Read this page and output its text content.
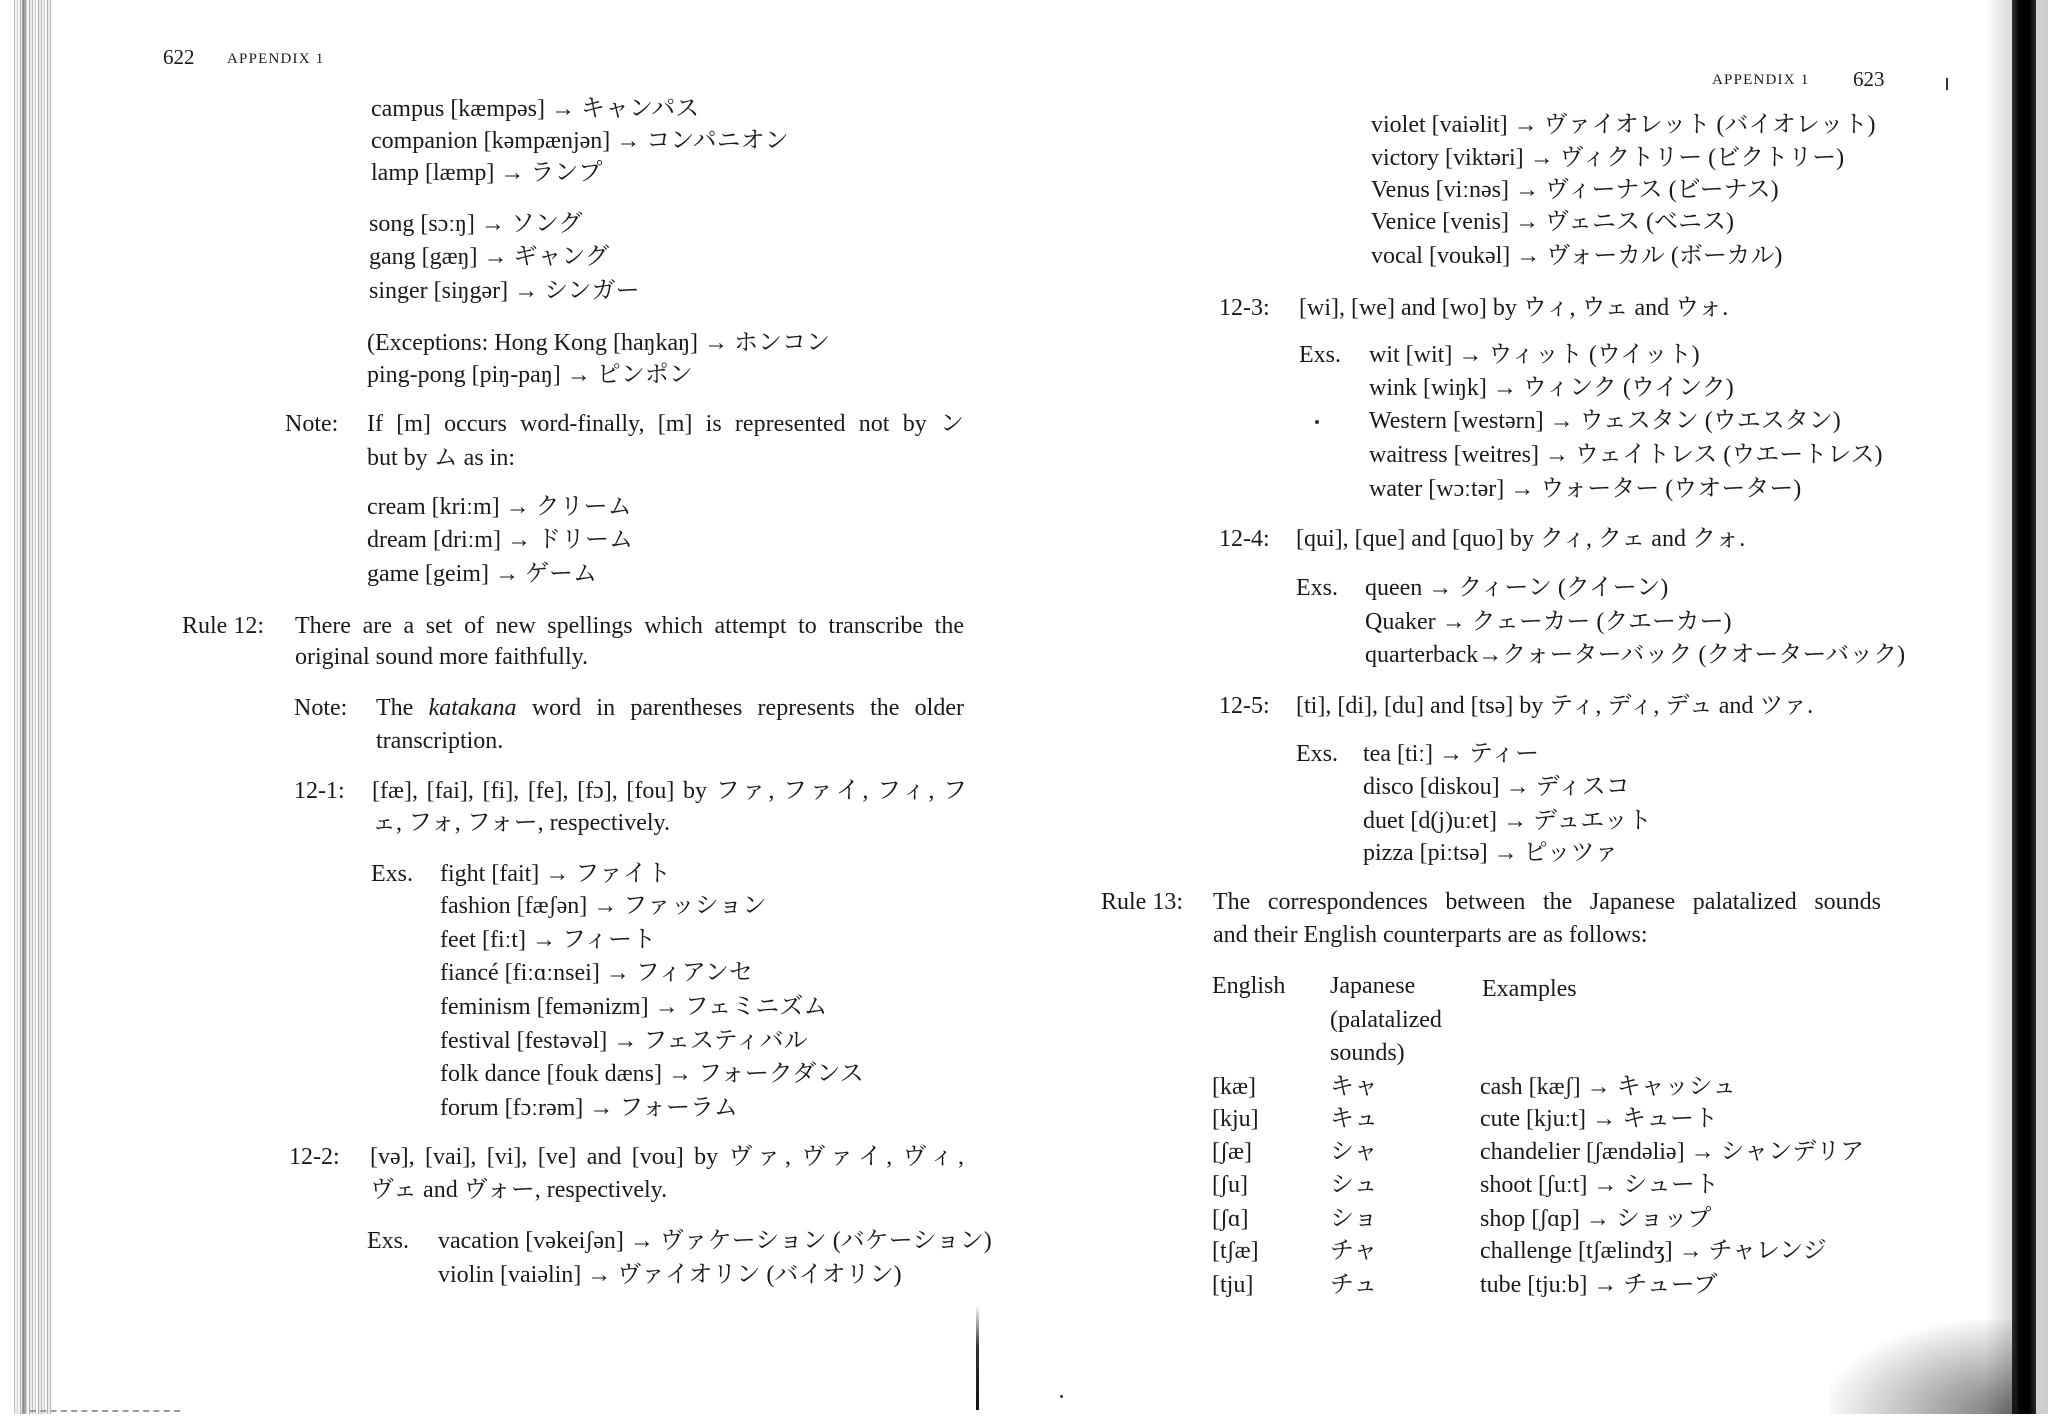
622 APPENDIX 1
campus [kæmpəs] → キャンパス
companion [kəmpænjən] → コンパニオン
lamp [læmp] → ランプ
song [sɔːŋ] → ソング
gang [gæŋ] → ギャング
singer [siŋgər] → シンガー
(Exceptions: Hong Kong [haŋkaŋ] → ホンコン
ping-pong [piŋ-paŋ] → ピンポン
Note: If [m] occurs word-finally, [m] is represented not by ン
but by ム as in:
cream [kriːm] → クリーム
dream [driːm] → ドリーム
game [geim] → ゲーム
Rule 12: There are a set of new spellings which attempt to transcribe the
original sound more faithfully.
Note: The katakana word in parentheses represents the older
transcription.
12-1: [fæ], [fai], [fi], [fe], [fɔ], [fou] by ファ, ファイ, フィ, フ
ェ, フォ, フォー, respectively.
Exs. fight [fait] → ファイト
fashion [fæʃən] → ファッション
feet [fiːt] → フィート
fiancé [fiːɑːnsei] → フィアンセ
feminism [femənizm] → フェミニズム
festival [festəvəl] → フェスティバル
folk dance [fouk dæns] → フォークダンス
forum [fɔːrəm] → フォーラム
12-2: [və], [vai], [vi], [ve] and [vou] by ヴァ, ヴァイ, ヴィ,
ヴェ and ヴォー, respectively.
Exs. vacation [vəkeiʃən] → ヴァケーション (バケーション)
violin [vaiəlin] → ヴァイオリン (バイオリン)
APPENDIX 1 623
violet [vaiəlit] → ヴァイオレット (バイオレット)
victory [viktəri] → ヴィクトリー (ビクトリー)
Venus [viːnəs] → ヴィーナス (ビーナス)
Venice [venis] → ヴェニス (ベニス)
vocal [voukəl] → ヴォーカル (ボーカル)
12-3: [wi], [we] and [wo] by ウィ, ウェ and ウォ.
Exs. wit [wit] → ウィット (ウイット)
wink [wiŋk] → ウィンク (ウインク)
Western [westərn] → ウェスタン (ウエスタン)
waitress [weitres] → ウェイトレス (ウエートレス)
water [wɔːtər] → ウォーター (ウオーター)
12-4: [qui], [que] and [quo] by クィ, クェ and クォ.
Exs. queen → クィーン (クイーン)
Quaker → クェーカー (クエーカー)
quarterback→クォーターバック (クオーターバック)
12-5: [ti], [di], [du] and [tsə] by ティ, ディ, デュ and ツァ.
Exs. tea [tiː] → ティー
disco [diskou] → ディスコ
duet [d(j)uːet] → デュエット
pizza [piːtsə] → ピッツァ
Rule 13: The correspondences between the Japanese palatalized sounds
and their English counterparts are as follows:
English Japanese
(palatalized
sounds)
Examples
[kæ]	キャ	cash [kæʃ] → キャッシュ
[kju]	キュ	cute [kjuːt] → キュート
[ʃæ]	シャ	chandelier [ʃændəliə] → シャンデリア
[ʃu]	シュ	shoot [ʃuːt] → シュート
[ʃɑ]	ショ	shop [ʃɑp] → ショップ
[tʃæ]	チャ	challenge [tʃælindʒ] → チャレンジ
[tju]	チュ	tube [tjuːb] → チューブ
